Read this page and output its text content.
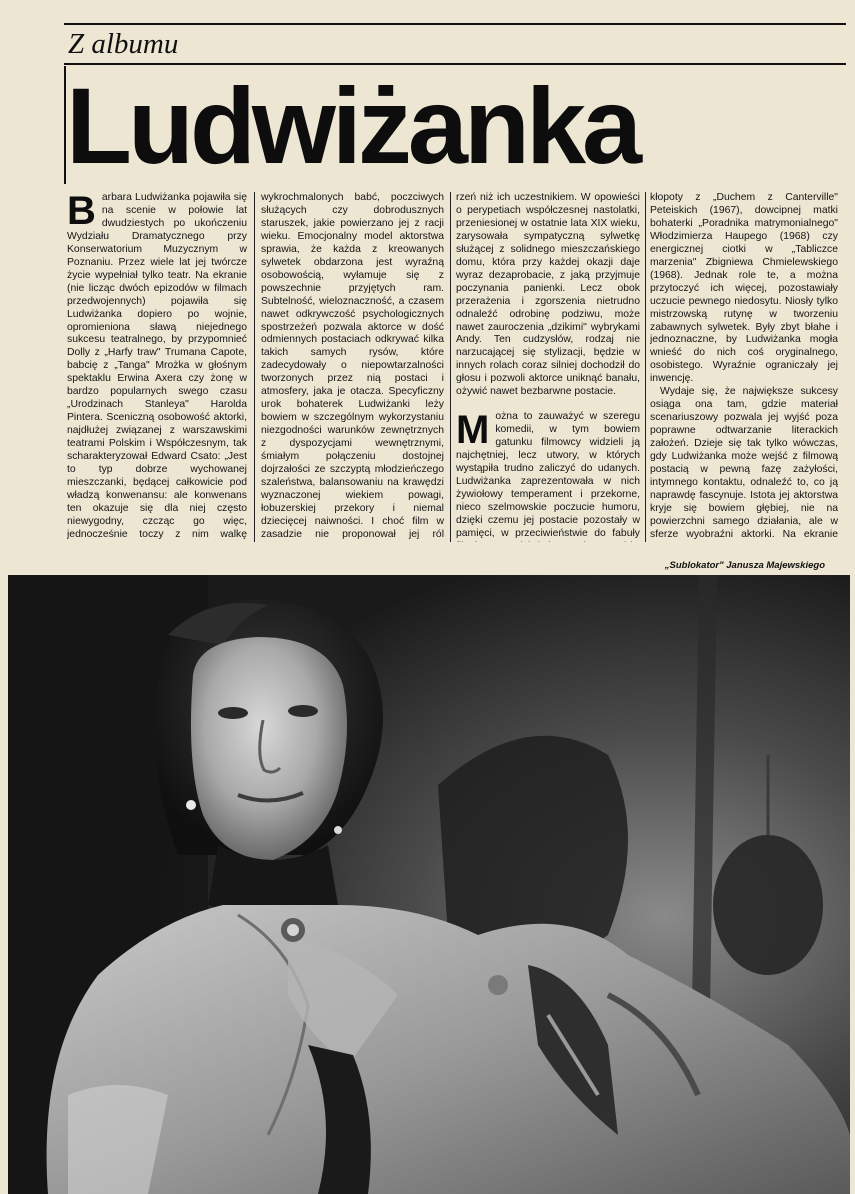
Z albumu
Ludwiżanka

Barbara Ludwiżanka pojawiła się na scenie w połowie lat dwudziestych po ukończeniu Wydziału Dramatycznego przy Konserwatorium Muzycznym w Poznaniu. Przez wiele lat jej twórcze życie wypełniał tylko teatr. Na ekranie (nie licząc dwóch epizodów w filmach przedwojennych) pojawiła się Ludwiżanka dopiero po wojnie, opromieniona sławą niejednego sukcesu teatralnego, by przypomnieć Dolly z „Harfy traw" Trumana Capote, babcię z „Tanga" Mrożka w głośnym spektaklu Erwina Axera czy żonę w bardzo popularnych swego czasu „Urodzinach Stanleya" Harolda Pintera. Sceniczną osobowość aktorki, najdłużej związanej z warszawskimi teatrami Polskim i Współczesnym, tak scharakteryzował Edward Csato: „Jest to typ dobrze wychowanej mieszczanki, będącej całkowicie pod władzą konwenansu: ale konwenans ten okazuje się dla niej często niewygodny, czcząc go więc, jednocześnie toczy z nim walkę

wykrochmalonych babć, poczciwych służących czy dobrodusznych staruszek, jakie powierzano jej z racji wieku. Emocjonalny model aktorstwa sprawia, że każda z kreowanych sylwetek obdarzona jest wyraźną osobowością, wyłamuje się z powszechnie przyjętych ram. Subtelność, wieloznaczność, a czasem nawet odkrywczość psychologicznych spostrzeżeń pozwala aktorce w dość odmiennych postaciach odkrywać kilka takich samych rysów, które zadecydowały o niepowtarzalności tworzonych przez nią postaci i atmosfery, jaka je otacza. Specyficzny urok bohaterek Ludwiżanki leży bowiem w szczególnym wykorzystaniu niezgodności warunków zewnętrznych z dyspozycjami wewnętrznymi, śmiałym połączeniu dostojnej dojrzałości ze szczyptą młodzieńczego szaleństwa, balansowaniu na krawędzi wyznaczonej wiekiem powagi, łobuzerskiej przekory i niemal dziecięcej naiwności. I choć film w zasadzie nie proponował jej ról

rzeń niż ich uczestnikiem. W opowieści o perypetiach współczesnej nastolatki, przeniesionej w ostatnie lata XIX wieku, zarysowała sympatyczną sylwetkę służącej z solidnego mieszczańskiego domu, która przy każdej okazji daje wyraz dezaprobacie, z jaką przyjmuje poczynania panienki. Lecz obok przerażenia i zgorszenia nietrudno odnaleźć odrobinę podziwu, może nawet zauroczenia „dzikimi" wybrykami Andy. Ten cudzysłów, rodzaj nie narzucającej się stylizacji, będzie w innych rolach coraz silniej dochodził do głosu i pozwoli aktorce uniknąć banału, ożywić nawet bezbarwne postacie.

Można to zauważyć w szeregu komedii, w tym bowiem gatunku filmowcy widzieli ją najchętniej, lecz utwory, w których wystąpiła trudno zaliczyć do udanych. Ludwiżanka zaprezentowała w nich żywiołowy temperament i przekorne, nieco szelmowskie poczucie humoru, dzięki czemu jej postacie pozostały w pamięci, w przeciwieństwie do fabuły

kłopoty z „Duchem z Canterville" Peteiskich (1967), dowcipnej matki bohaterki „Poradnika matrymonialnego" Włodzimierza Haupego (1968) czy energicznej ciotki w „Tabliczce marzenia" Zbigniewa Chmielewskiego (1968). Jednak role te, a można przytoczyć ich więcej, pozostawiały uczucie pewnego niedosytu. Niosły tylko mistrzowską rutynę w tworzeniu zabawnych sylwetek. Były zbyt błahe i jednoznaczne, by Ludwiżanka mogła wnieść do nich coś oryginalnego, osobistego. Wyraźnie ograniczały jej inwencję.

Wydaje się, że największe sukcesy osiąga ona tam, gdzie materiał scenariuszowy pozwala jej wyjść poza poprawne odtwarzanie literackich założeń. Dzieje się tak tylko wówczas, gdy Ludwiżanka może wejść z filmową postacią w pewną fazę zażyłości, intymnego kontaktu, odnaleźć to, co ją naprawdę fascynuje. Istota jej aktorstwa kryje się bowiem głębiej, nie na powierzchni samego działania, ale w sferze wyobraźni aktorki. Na ekranie

„Sublokator" Janusza Majewskiego
